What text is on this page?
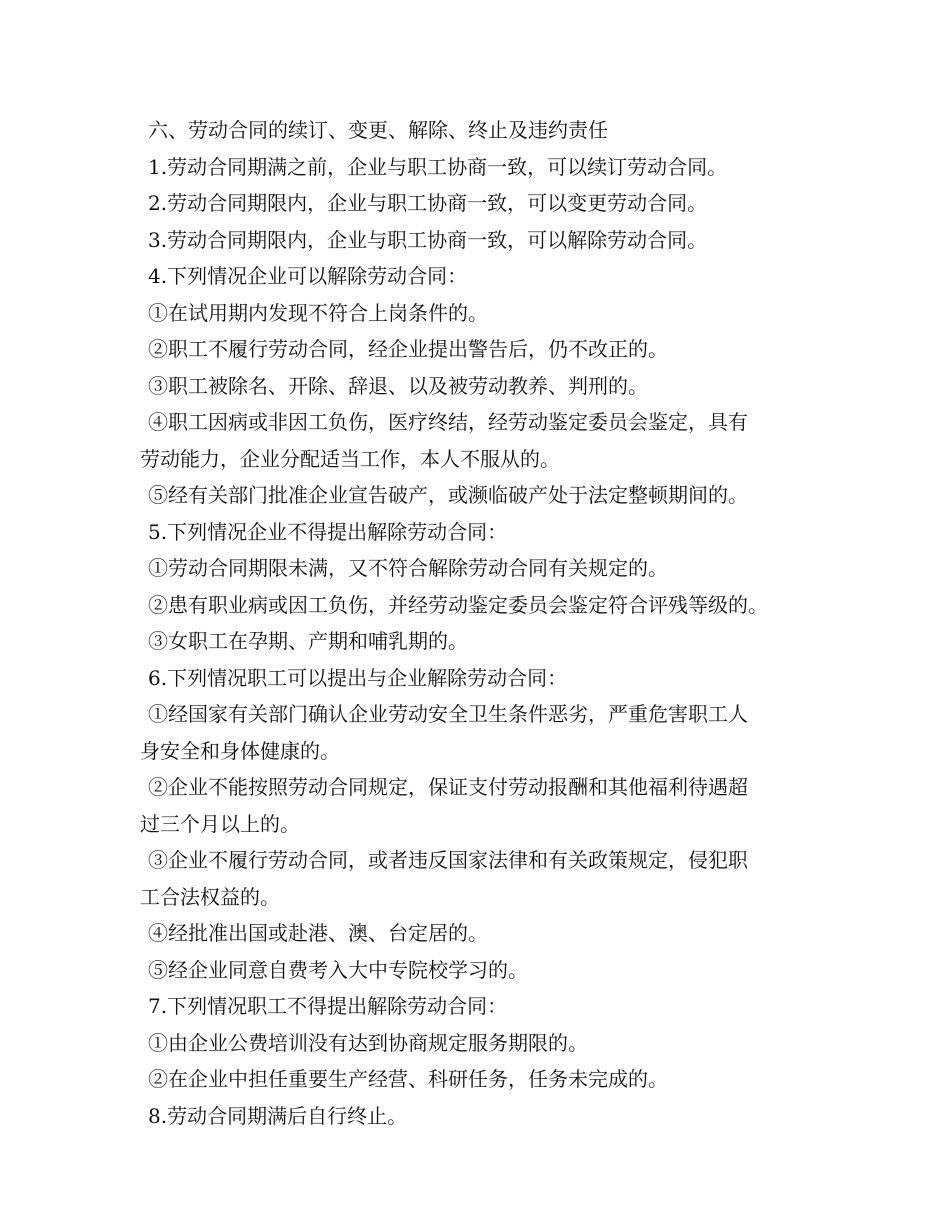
六、劳动合同的续订、变更、解除、终止及违约责任
1.劳动合同期满之前，企业与职工协商一致，可以续订劳动合同。
2.劳动合同期限内，企业与职工协商一致，可以变更劳动合同。
3.劳动合同期限内，企业与职工协商一致，可以解除劳动合同。
4.下列情况企业可以解除劳动合同：
①在试用期内发现不符合上岗条件的。
②职工不履行劳动合同，经企业提出警告后，仍不改正的。
③职工被除名、开除、辞退、以及被劳动教养、判刑的。
④职工因病或非因工负伤，医疗终结，经劳动鉴定委员会鉴定，具有
劳动能力，企业分配适当工作，本人不服从的。
⑤经有关部门批准企业宣告破产，或濒临破产处于法定整顿期间的。
5.下列情况企业不得提出解除劳动合同：
①劳动合同期限未满，又不符合解除劳动合同有关规定的。
②患有职业病或因工负伤，并经劳动鉴定委员会鉴定符合评残等级的。
③女职工在孕期、产期和哺乳期的。
6.下列情况职工可以提出与企业解除劳动合同：
①经国家有关部门确认企业劳动安全卫生条件恶劣，严重危害职工人
身安全和身体健康的。
②企业不能按照劳动合同规定，保证支付劳动报酬和其他福利待遇超
过三个月以上的。
③企业不履行劳动合同，或者违反国家法律和有关政策规定，侵犯职
工合法权益的。
④经批准出国或赴港、澳、台定居的。
⑤经企业同意自费考入大中专院校学习的。
7.下列情况职工不得提出解除劳动合同：
①由企业公费培训没有达到协商规定服务期限的。
②在企业中担任重要生产经营、科研任务，任务未完成的。
8.劳动合同期满后自行终止。
